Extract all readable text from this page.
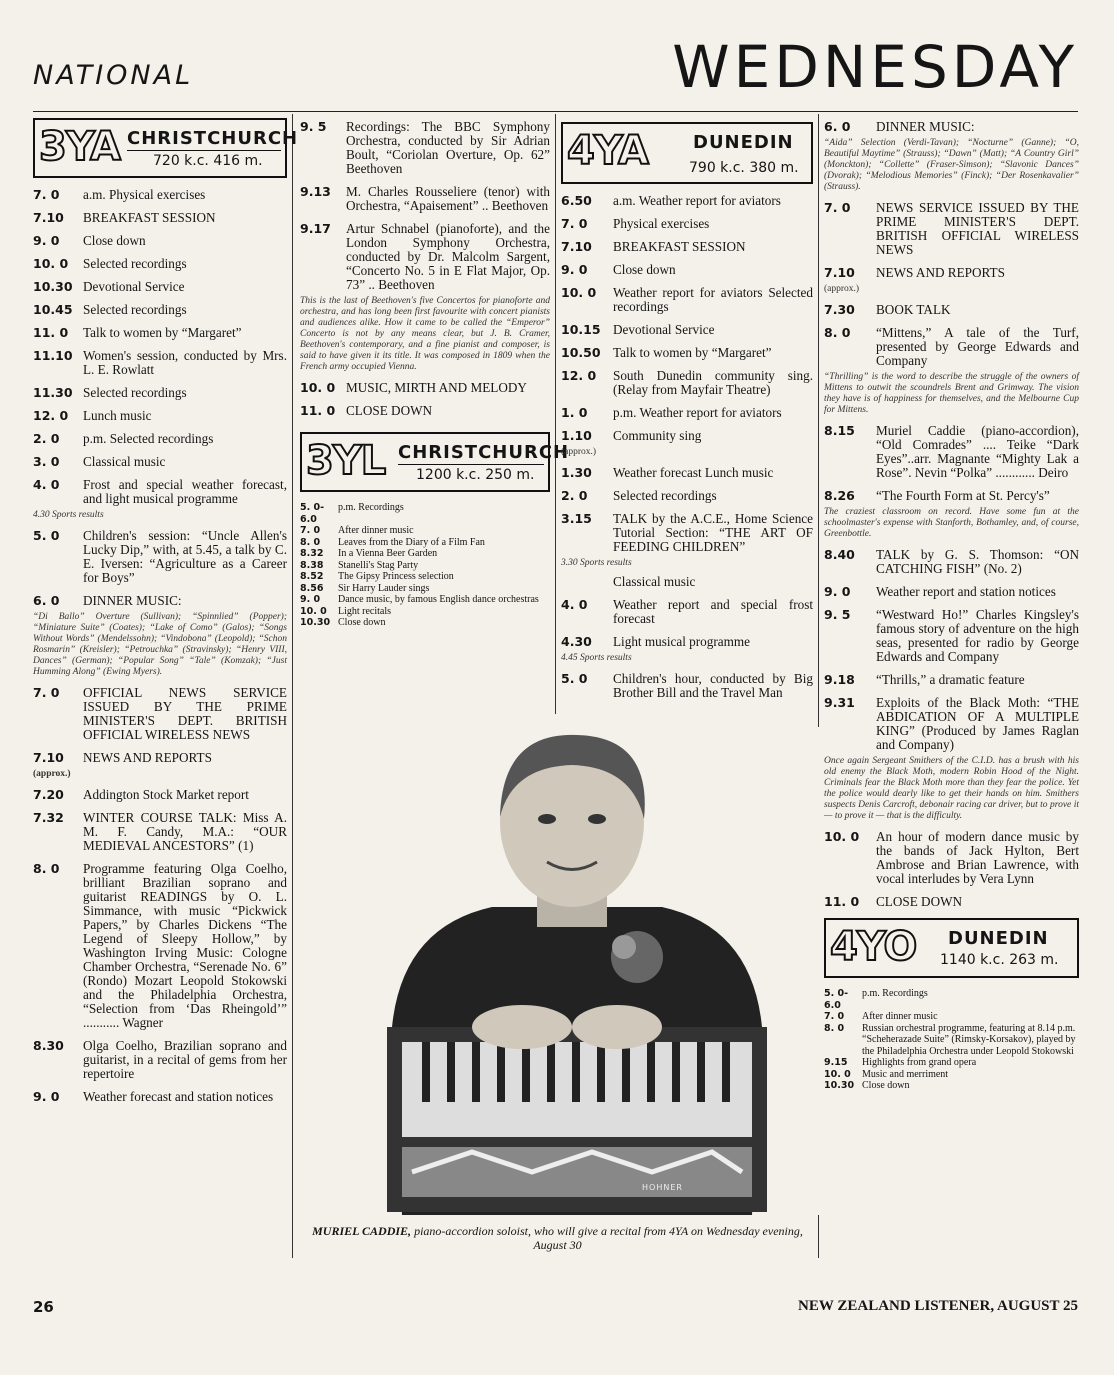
NATIONAL	WEDNESDAY
3YA CHRISTCHURCH
720 k.c. 416 m.
7. 0	a.m. Physical exercises
7.10	BREAKFAST SESSION
9. 0	Close down
10. 0	Selected recordings
10.30 Devotional Service
10.45 Selected recordings
11. 0	Talk to women by “Margaret”
11.10 Women's session, conducted by Mrs. L. E. Rowlatt
11.30 Selected recordings
12. 0	Lunch music
2. 0	p.m. Selected recordings
3. 0	Classical music
4. 0	Frost and special weather forecast, and light musical programme
4.30 Sports results
5. 0	Children's session: “Uncle Allen's Lucky Dip,” with, at 5.45, a talk by C. E. Iversen: “Agriculture as a Career for Boys”
6. 0	DINNER MUSIC:
“Di Ballo” Overture (Sullivan); “Spinnlied” (Popper); “Miniature Suite” (Coates); “Lake of Como” (Galos); “Songs Without Words” (Mendelssohn); “Vindobona” (Leopold); “Schon Rosmarin” (Kreisler); “Petrouchka” (Stravinsky); “Henry VIII, Dances” (German); “Popular Song” “Tale” (Komzak); “Just Humming Along” (Ewing Myers).
7. 0	OFFICIAL NEWS SERVICE ISSUED BY THE PRIME MINISTER'S DEPT. BRITISH OFFICIAL WIRELESS NEWS
7.10	NEWS AND REPORTS
(approx.)
7.20	Addington Stock Market report
7.32	WINTER COURSE TALK: Miss A. M. F. Candy, M.A.: “OUR MEDIEVAL ANCESTORS” (1)
8. 0	Programme featuring Olga Coelho, brilliant Brazilian soprano and guitarist READINGS by O. L. Simmance, with music “Pickwick Papers,” by Charles Dickens “The Legend of Sleepy Hollow,” by Washington Irving Music: Cologne Chamber Orchestra, “Serenade No. 6” (Rondo) Mozart Leopold Stokowski and the Philadelphia Orchestra, “Selection from ‘Das Rheingold’” ........... Wagner
8.30	Olga Coelho, Brazilian soprano and guitarist, in a recital of gems from her repertoire
9. 0	Weather forecast and station notices
9. 5	Recordings: The BBC Symphony Orchestra, conducted by Sir Adrian Boult, “Coriolan Overture, Op. 62” Beethoven
9.13	M. Charles Rousseliere (tenor) with Orchestra, “Apaisement” .. Beethoven
9.17	Artur Schnabel (pianoforte), and the London Symphony Orchestra, conducted by Dr. Malcolm Sargent, “Concerto No. 5 in E Flat Major, Op. 73” .. Beethoven
This is the last of Beethoven's five Concertos for pianoforte and orchestra, and has long been first favourite with concert pianists and audiences alike. How it came to be called the “Emperor” Concerto is not by any means clear, but J. B. Cramer, Beethoven's contemporary, and a fine pianist and composer, is said to have given it its title. It was composed in 1809 when the French army occupied Vienna.
10. 0 MUSIC, MIRTH AND MELODY
11. 0 CLOSE DOWN
3YL CHRISTCHURCH
1200 k.c. 250 m.
5. 0-6.0
p.m. Recordings
7. 0	After dinner music
8. 0	Leaves from the Diary of a Film Fan
8.32	In a Vienna Beer Garden
8.38	Stanelli's Stag Party
8.52	The Gipsy Princess selection
8.56	Sir Harry Lauder sings
9. 0	Dance music, by famous English dance orchestras
10. 0	Light recitals
10.30 Close down
4YA	DUNEDIN
790 k.c. 380 m.
6.50	a.m. Weather report for aviators
7. 0	Physical exercises
7.10	BREAKFAST SESSION
9. 0	Close down
10. 0	Weather report for aviators Selected recordings
10.15 Devotional Service
10.50 Talk to women by “Margaret”
12. 0	South Dunedin community sing. (Relay from Mayfair Theatre)
1. 0	p.m. Weather report for aviators
1.10	Community sing
(approx.)
1.30	Weather forecast Lunch music
2. 0	Selected recordings
3.15	TALK by the A.C.E., Home Science Tutorial Section: “THE ART OF FEEDING CHILDREN”
3.30 Sports results
Classical music
4. 0	Weather report and special frost forecast
4.30	Light musical programme
4.45 Sports results
5. 0	Children's hour, conducted by Big Brother Bill and the Travel Man
6. 0	DINNER MUSIC:
“Aida” Selection (Verdi-Tavan); “Nocturne” (Ganne); “O, Beautiful Maytime” (Strauss); “Dawn” (Matt); “A Country Girl” (Monckton); “Collette” (Fraser-Simson); “Slavonic Dances” (Dvorak); “Melodious Memories” (Finck); “Der Rosenkavalier” (Strauss).
7. 0	NEWS SERVICE ISSUED BY THE PRIME MINISTER'S DEPT. BRITISH OFFICIAL WIRELESS NEWS
7.10	NEWS AND REPORTS
(approx.)
7.30	BOOK TALK
8. 0	“Mittens,” A tale of the Turf, presented by George Edwards and Company
“Thrilling” is the word to describe the struggle of the owners of Mittens to outwit the scoundrels Brent and Grimway. The vision they have is of happiness for themselves, and the Melbourne Cup for Mittens.
8.15	Muriel Caddie (piano-accordion), “Old Comrades” .... Teike “Dark Eyes”..arr. Magnante “Mighty Lak a Rose”. Nevin “Polka” ............ Deiro
8.26	“The Fourth Form at St. Percy's”
The craziest classroom on record. Have some fun at the schoolmaster's expense with Stanforth, Bothamley, and, of course, Greenbottle.
8.40	TALK by G. S. Thomson: “ON CATCHING FISH” (No. 2)
9. 0	Weather report and station notices
9. 5	“Westward Ho!” Charles Kingsley's famous story of adventure on the high seas, presented for radio by George Edwards and Company
9.18	“Thrills,” a dramatic feature
9.31	Exploits of the Black Moth: “THE ABDICATION OF A MULTIPLE KING” (Produced by James Raglan and Company)
Once again Sergeant Smithers of the C.I.D. has a brush with his old enemy the Black Moth, modern Robin Hood of the Night. Criminals fear the Black Moth more than they fear the police. Yet the police would dearly like to get their hands on him. Smithers suspects Denis Carcroft, debonair racing car driver, but to prove it — to prove it — that is the difficulty.
10. 0	An hour of modern dance music by the bands of Jack Hylton, Bert Ambrose and Brian Lawrence, with vocal interludes by Vera Lynn
11. 0	CLOSE DOWN
4YO DUNEDIN
1140 k.c. 263 m.
5. 0-6.0
p.m. Recordings
7. 0	After dinner music
8. 0	Russian orchestral programme, featuring at 8.14 p.m. “Scheherazade Suite” (Rimsky-Korsakov), played by the Philadelphia Orchestra under Leopold Stokowski
9.15	Highlights from grand opera
10. 0	Music and merriment
10.30 Close down
HOHNER
MURIEL CADDIE, piano-accordion soloist, who will give a recital from 4YA on Wednesday evening, August 30
26	NEW ZEALAND LISTENER, AUGUST 25
